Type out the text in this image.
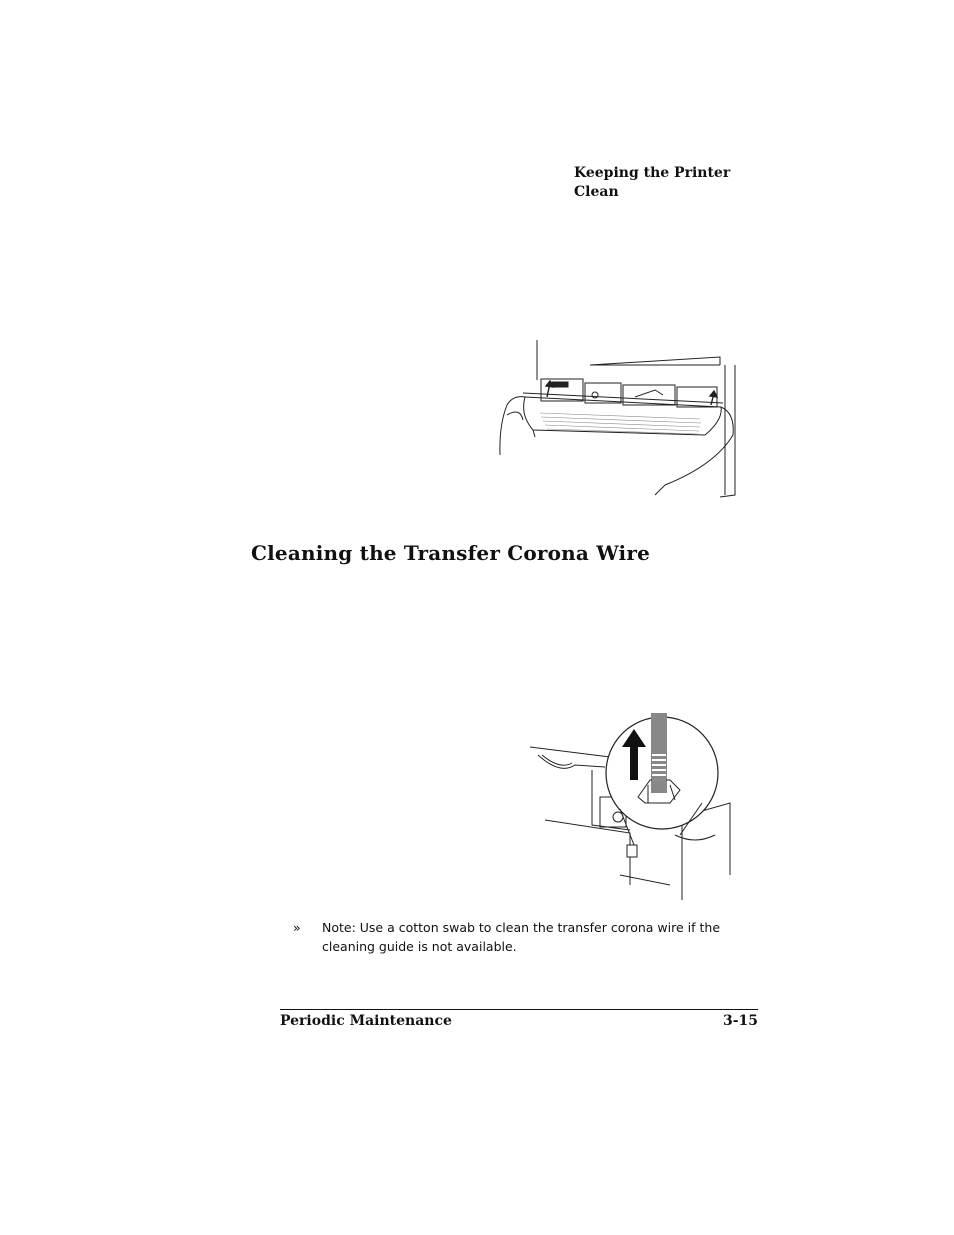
Keeping the Printer Clean
Cleaning the Transfer Corona Wire
»	Note: Use a cotton swab to clean the transfer corona wire if the cleaning guide is not available.
Periodic Maintenance	3-15
